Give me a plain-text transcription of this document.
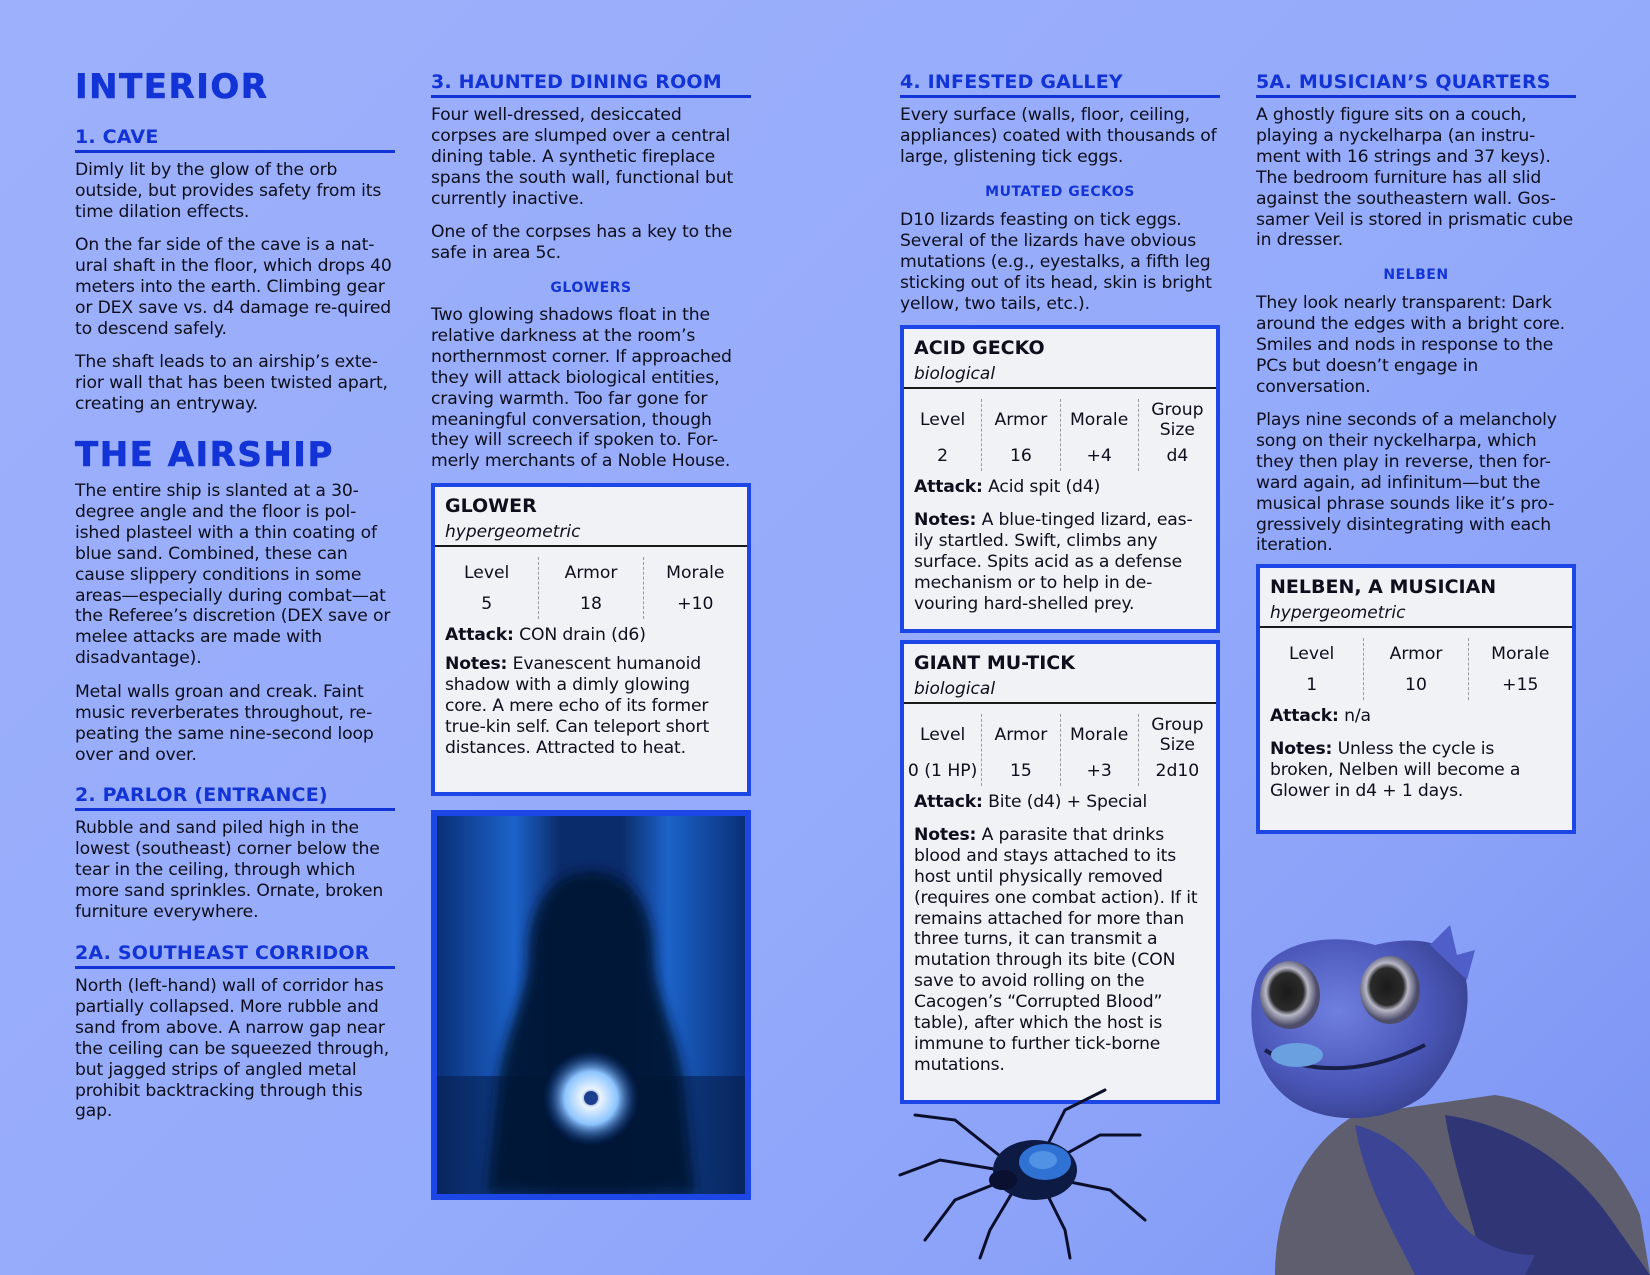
INTERIOR
1. CAVE

Dimly lit by the glow of the orb outside, but provides safety from its time dilation effects.

On the far side of the cave is a nat-ural shaft in the floor, which drops 40 meters into the earth. Climbing gear or DEX save vs. d4 damage re-quired to descend safely.

The shaft leads to an airship’s exte-rior wall that has been twisted apart, creating an entryway.

THE AIRSHIP

The entire ship is slanted at a 30-degree angle and the floor is pol-ished plasteel with a thin coating of blue sand. Combined, these can cause slippery conditions in some areas—especially during combat—at the Referee’s discretion (DEX save or melee attacks are made with disadvantage).

Metal walls groan and creak. Faint music reverberates throughout, re-peating the same nine-second loop over and over.

2. PARLOR (ENTRANCE)

Rubble and sand piled high in the lowest (southeast) corner below the tear in the ceiling, through which more sand sprinkles. Ornate, broken furniture everywhere.

2A. SOUTHEAST CORRIDOR

North (left-hand) wall of corridor has partially collapsed. More rubble and sand from above. A narrow gap near the ceiling can be squeezed through, but jagged strips of angled metal prohibit backtracking through this gap.

3. HAUNTED DINING ROOM

Four well-dressed, desiccated corpses are slumped over a central dining table. A synthetic fireplace spans the south wall, functional but currently inactive.

One of the corpses has a key to the safe in area 5c.

GLOWERS

Two glowing shadows float in the relative darkness at the room’s northernmost corner. If approached they will attack biological entities, craving warmth. Too far gone for meaningful conversation, though they will screech if spoken to. For-merly merchants of a Noble House.

GLOWER
hypergeometric
Level
5
Armor
18
Morale
+10
Attack: CON drain (d6)
Notes: Evanescent humanoid shadow with a dimly glowing core. A mere echo of its former true-kin self. Can teleport short distances. Attracted to heat.
4. INFESTED GALLEY

Every surface (walls, floor, ceiling, appliances) coated with thousands of large, glistening tick eggs.

MUTATED GECKOS

D10 lizards feasting on tick eggs. Several of the lizards have obvious mutations (e.g., eyestalks, a fifth leg sticking out of its head, skin is bright yellow, two tails, etc.).

ACID GECKO
biological
Level
2
Armor
16
Morale
+4
Group Size
d4
Attack: Acid spit (d4)
Notes: A blue-tinged lizard, eas-ily startled. Swift, climbs any surface. Spits acid as a defense mechanism or to help in de-vouring hard-shelled prey.
GIANT MU-TICK
biological
Level
0 (1 HP)
Armor
15
Morale
+3
Group Size
2d10
Attack: Bite (d4) + Special
Notes: A parasite that drinks blood and stays attached to its host until physically removed (requires one combat action). If it remains attached for more than three turns, it can transmit a mutation through its bite (CON save to avoid rolling on the Cacogen’s “Corrupted Blood” table), after which the host is immune to further tick-borne mutations.
5A. MUSICIAN’S QUARTERS

A ghostly figure sits on a couch, playing a nyckelharpa (an instru-ment with 16 strings and 37 keys). The bedroom furniture has all slid against the southeastern wall. Gos-samer Veil is stored in prismatic cube in dresser.

NELBEN

They look nearly transparent: Dark around the edges with a bright core. Smiles and nods in response to the PCs but doesn’t engage in conversation.

Plays nine seconds of a melancholy song on their nyckelharpa, which they then play in reverse, then for-ward again, ad infinitum—but the musical phrase sounds like it’s pro-gressively disintegrating with each iteration.

NELBEN, A MUSICIAN
hypergeometric
Level
1
Armor
10
Morale
+15
Attack: n/a
Notes: Unless the cycle is broken, Nelben will become a Glower in d4 + 1 days.
